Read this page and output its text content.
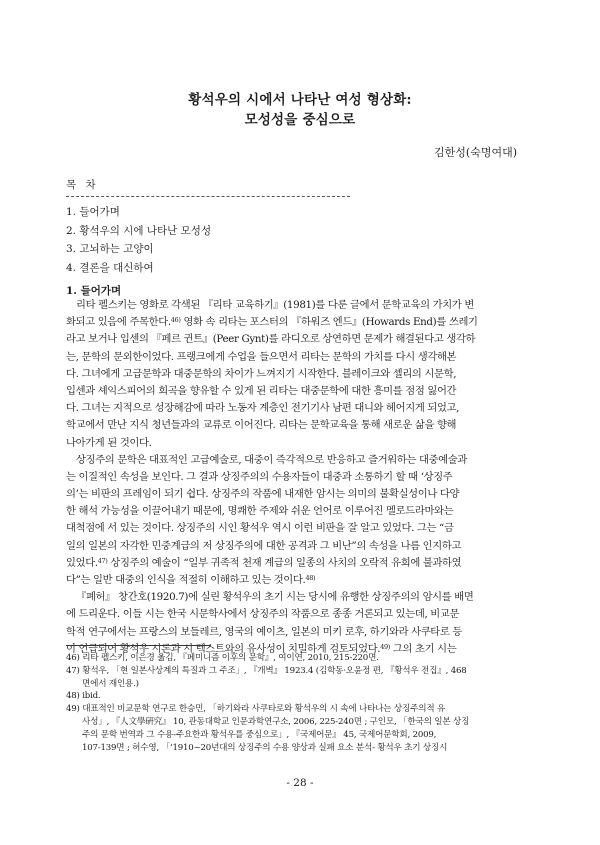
황석우의 시에서 나타난 여성 형상화:
모성성을 중심으로
김한성(숙명여대)
목 차
1. 들어가며
2. 황석우의 시에 나타난 모성성
3. 고뇌하는 고양이
4. 결론을 대신하여
1. 들어가며
리타 펠스키는 영화로 각색된 『리타 교육하기』(1981)를 다룬 글에서 문학교육의 가치가 변
화되고 있음에 주목한다.$^{46)}$ 영화 속 리타는 포스터의 『하워즈 엔드』(Howards End)를 쓰레기
라고 보거나 입센의 『페르 귄트』(Peer Gynt)를 라디오로 상연하면 문제가 해결된다고 생각하
는, 문학의 문외한이었다. 프랭크에게 수업을 들으면서 리타는 문학의 가치를 다시 생각해본
다. 그녀에게 고급문학과 대중문학의 차이가 느껴지기 시작한다. 블레이크와 셸리의 시문학,
입센과 셰익스피어의 희곡을 향유할 수 있게 된 리타는 대중문학에 대한 흥미를 점점 잃어간
다. 그녀는 지적으로 성장해감에 따라 노동자 계층인 전기기사 남편 대니와 헤어지게 되었고,
학교에서 만난 지식 청년들과의 교류로 이어진다. 리타는 문학교육을 통해 새로운 삶을 향해
나아가게 된 것이다.
상징주의 문학은 대표적인 고급예술로, 대중이 즉각적으로 반응하고 즐거워하는 대중예술과
는 이질적인 속성을 보인다. 그 결과 상징주의의 수용자들이 대중과 소통하기 할 때 ‘상징주
의’는 비판의 프레임이 되기 쉽다. 상징주의 작품에 내재한 암시는 의미의 불확실성이나 다양
한 해석 가능성을 이끌어내기 때문에, 명쾌한 주제와 쉬운 언어로 이루어진 멜로드라마와는
대척점에 서 있는 것이다. 상징주의 시인 황석우 역시 이런 비판을 잘 알고 있었다. 그는 “금
일의 일본의 자각한 민중계급의 저 상징주의에 대한 공격과 그 비난”의 속성을 나름 인지하고
있었다.$^{47)}$ 상징주의 예술이 “일부 귀족적 천재 계급의 일종의 사치의 오락적 유희에 불과하였
다”는 일반 대중의 인식을 적절히 이해하고 있는 것이다.$^{48)}$
『폐허』 창간호(1920.7)에 실린 황석우의 초기 시는 당시에 유행한 상징주의의 암시를 배면
에 드리운다. 이들 시는 한국 시문학사에서 상징주의 작품으로 종종 거론되고 있는데, 비교문
학적 연구에서는 프랑스의 보들레르, 영국의 예이츠, 일본의 미키 로후, 하기와라 사쿠타로 등
이 언급되어 황석우 시론과 시 텍스트와의 유사성이 치밀하게 검토되었다.$^{49)}$ 그의 초기 시는
46) 리타 펠스키, 이은경 옮김, 『페미니즘 이후의 문학』, 여이연, 2010, 215-220면.
47) 황석우, 「현 일본사상계의 특질과 그 주조」, 『개벽』 1923.4 (김학동·오윤정 편, 『황석우 전집』, 468
면에서 재인용.)
48) ibid.
49) 대표적인 비교문학 연구로 한승민, 「하기와라 사쿠타로와 황석우의 시 속에 나타나는 상징주의적 유
사성」, 『人文學硏究』 10, 관동대학교 인문과학연구소, 2006, 225-240면 ; 구인모, 「한국의 일본 상징
주의 문학 번역과 그 수용-주요한과 황석우를 중심으로」, 『국제어문』 45, 국제어문학회, 2009,
107-139면 ; 허수영, 「‘1910~20년대의 상징주의 수용 양상과 실패 요소 분석- 황석우 초기 상징시
- 28 -
